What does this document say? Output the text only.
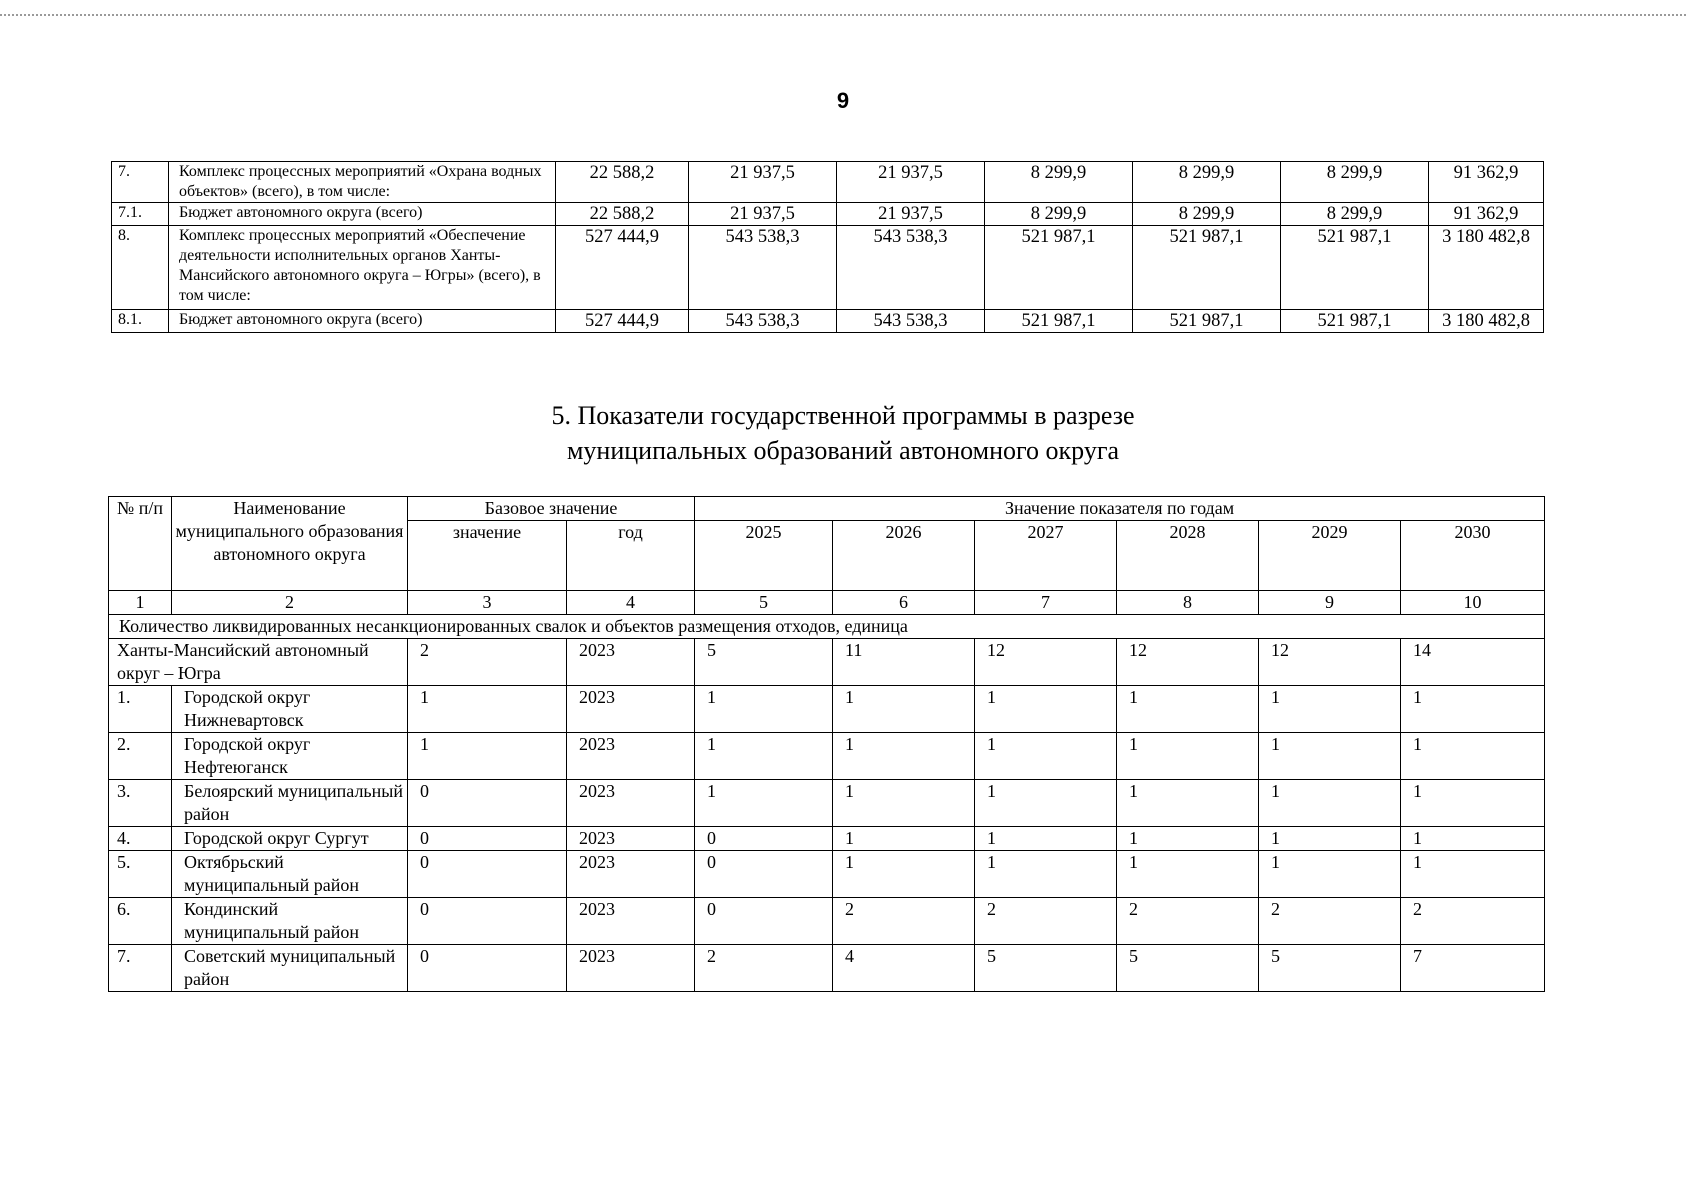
9
7.	Комплекс процессных мероприятий «Охрана водных объектов» (всего), в том числе:	22 588,2	21 937,5	21 937,5	8 299,9	8 299,9	8 299,9	91 362,9
7.1.	Бюджет автономного округа (всего)	22 588,2	21 937,5	21 937,5	8 299,9	8 299,9	8 299,9	91 362,9
8.	Комплекс процессных мероприятий «Обеспечение деятельности исполнительных органов Ханты-Мансийского автономного округа – Югры» (всего), в том числе:	527 444,9	543 538,3	543 538,3	521 987,1	521 987,1	521 987,1	3 180 482,8
8.1.	Бюджет автономного округа (всего)	527 444,9	543 538,3	543 538,3	521 987,1	521 987,1	521 987,1	3 180 482,8
5. Показатели государственной программы в разрезе
муниципальных образований автономного округа
№ п/п	Наименование муниципального образования автономного округа	Базовое значение		Значение показателя по годам					
		значение	год	2025	2026	2027	2028	2029	2030
1	2	3	4	5	6	7	8	9	10
Количество ликвидированных несанкционированных свалок и объектов размещения отходов, единица									
Ханты-Мансийский автономный округ – Югра		2	2023	5	11	12	12	12	14
1.	Городской округ Нижневартовск	1	2023	1	1	1	1	1	1
2.	Городской округ Нефтеюганск	1	2023	1	1	1	1	1	1
3.	Белоярский муниципальный район	0	2023	1	1	1	1	1	1
4.	Городской округ Сургут	0	2023	0	1	1	1	1	1
5.	Октябрьский муниципальный район	0	2023	0	1	1	1	1	1
6.	Кондинский муниципальный район	0	2023	0	2	2	2	2	2
7.	Советский муниципальный район	0	2023	2	4	5	5	5	7
